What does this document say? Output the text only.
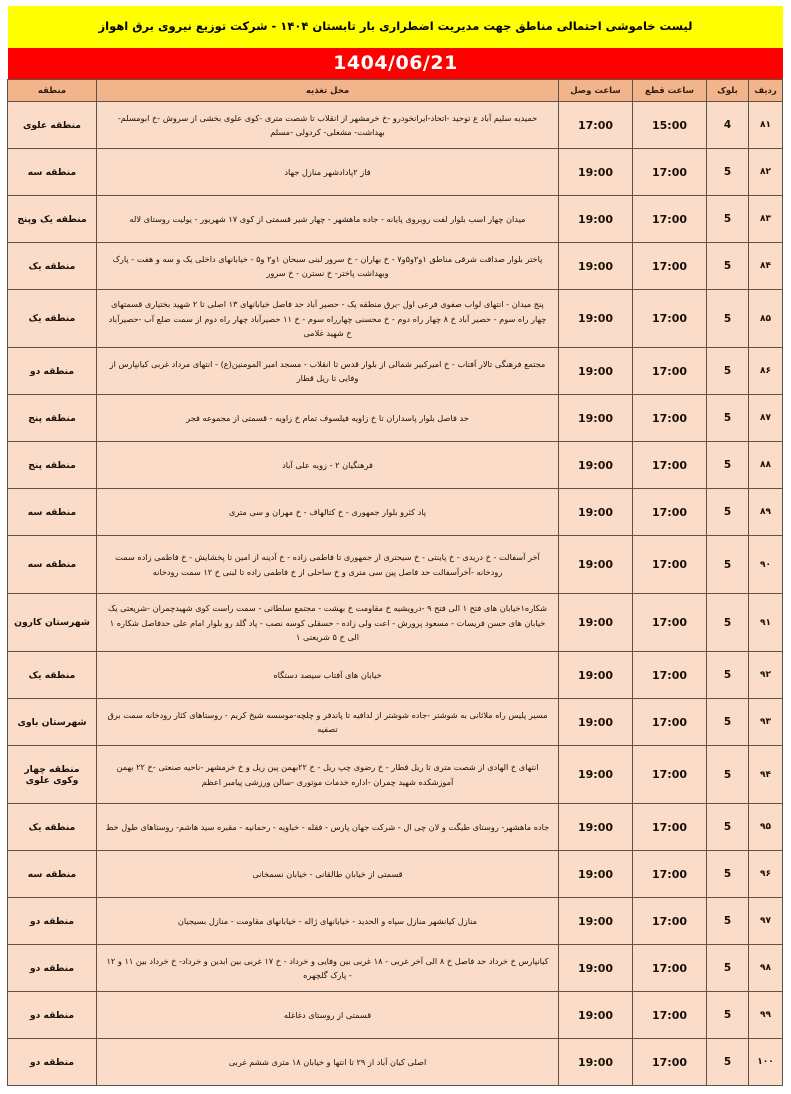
لیست خاموشی احتمالی مناطق جهت مدیریت اضطراری بار تابستان ۱۴۰۴ - شرکت توزیع نیروی برق اهواز
1404/06/21
ردیف	بلوک	ساعت قطع	ساعت وصل	محل تغذیه	منطقه
۸۱	4	15:00	17:00	حمیدیه سلیم آباد ع توحید -اتحاد-ایرانخودرو -خ خرمشهر از انقلاب تا شصت متری -کوی علوی بخشی از سروش -خ ابومسلم-بهداشت- مشعلی- کردولی -مسلم	منطقه علوی
۸۲	5	17:00	19:00	فاز ۲پادادشهر منازل جهاد	منطقه سه
۸۳	5	17:00	19:00	میدان چهار اسب بلوار لفت روبروی پایانه - جاده ماهشهر - چهار شیر قسمتی از کوی ۱۷ شهریور - یولیت روستای لاله	منطقه یک وپنج
۸۴	5	17:00	19:00	پاختر بلوار صداقت شرقی مناطق ۱و۲و۵و۷ - خ بهاران - خ سرور لبنی سبحان ۱و۲ و۵ - خیابانهای داخلی یک و سه و هفت - پارک وبهداشت پاختر- خ نسترن - خ سرور	منطقه یک
۸۵	5	17:00	19:00	پنج میدان - انتهای لواب صفوی فرعی اول -برق منطقه یک - حصیر آباد حد فاصل خیابانهای ۱۳ اصلی تا ۲ شهید بختیاری قسمتهای چهار راه سوم - حصیر آباد خ ۸ چهار راه دوم - خ محسنی چهارراه سوم - خ ۱۱ حصیرآباد چهار راه دوم از سمت ضلع آب -حصیرآباد خ شهید غلامی	منطقه یک
۸۶	5	17:00	19:00	مجتمع فرهنگی تالار آفتاب - خ امیرکبیر شمالی از بلوار قدس تا انقلاب - مسجد امیر المومنین(ع) - انتهای مرداد غربی کیانپارس از وفایی تا ریل قطار	منطقه دو
۸۷	5	17:00	19:00	حد فاصل بلوار پاسداران تا خ زاویه فیلسوف تمام خ زاویه - قسمتی از مجموعه فجر	منطقه پنج
۸۸	5	17:00	19:00	فرهنگیان ۲ - زویه علی آباد	منطقه پنج
۸۹	5	17:00	19:00	پاد کثرو بلوار جمهوری - خ کتالهاف - خ مهران و سی متری	منطقه سه
۹۰	5	17:00	19:00	آخر آسفالت - خ دریدی - خ پاینتی - خ سیحتری از جمهوری تا فاطمی زاده - خ آدینه از امین تا پخشایش - خ فاطمی زاده سمت رودخانه -آخرآسفالت حد فاصل پین سی متری و خ ساحلی از خ فاطمی زاده تا لبنی خ ۱۲ سمت رودخانه	منطقه سه
۹۱	5	17:00	19:00	شکاره۱خیابان های فتح ۱ الی فتح ۹ -درویشیه خ مقاومت خ بهشت - مجتمع سلطانی - سمت راست کوی شهیدچمران -شریعتی یک خیابان های حسن فریسات - مسعود پرورش - اعت ولی زاده - حسقلی کوسه نصب - پاد گلد رو بلوار امام علی حدفاصل شکاره ۱ الی خ ۵ شریعتی ۱	شهرستان کارون
۹۲	5	17:00	19:00	خیابان های آفتاب سیصد دستگاه	منطقه یک
۹۳	5	17:00	19:00	مسیر پلیس راه ملاثانی به شوشتر -جاده شوشتر از لدافیه تا پاندفر و چلچه-موسسه شیخ کریم - روستاهای کثار رودخانه سمت برق تصفیه	شهرستان باوی
۹۴	5	17:00	19:00	انتهای خ الهادی از شصت متری تا ریل قطار - خ رضوی چپ ریل - خ ۲۲بهمن پین ریل و خ خرمشهر -ناحیه صنعتی -خ ۲۲ بهمن آموزشکده شهید چمران -اداره خدمات موتوری -سالن ورزشی پیامبر اعظم	منطقه چهار وکوی علوی
۹۵	5	17:00	19:00	جاده ماهشهر- روستای طیگت و لان چی ال - شرکت جهان پارس - فقله - خباویه - رحمانیه - مقبره سید هاشم- روستاهای طول خط	منطقه یک
۹۶	5	17:00	19:00	قسمتی از خیابان طالقانی - خیابان نسمخانی	منطقه سه
۹۷	5	17:00	19:00	منازل کیانشهر منازل سپاه و الحدید - خیابانهای ژاله - خیابانهای مقاومت - منازل بسیجیان	منطقه دو
۹۸	5	17:00	19:00	کیانپارس خ خرداد حد فاصل خ ۸ الی آخر غربی - ۱۸ غربی بین وفایی و خرداد - خ ۱۷ غربی بین ابدین و خرداد- خ خرداد بین ۱۱ و ۱۲ - پارک گلچهره	منطقه دو
۹۹	5	17:00	19:00	قسمتی از روستای دغاغله	منطقه دو
۱۰۰	5	17:00	19:00	اصلی کیان آباد از ۲۹ تا انتها و خیابان ۱۸ متری ششم غربی	منطقه دو
